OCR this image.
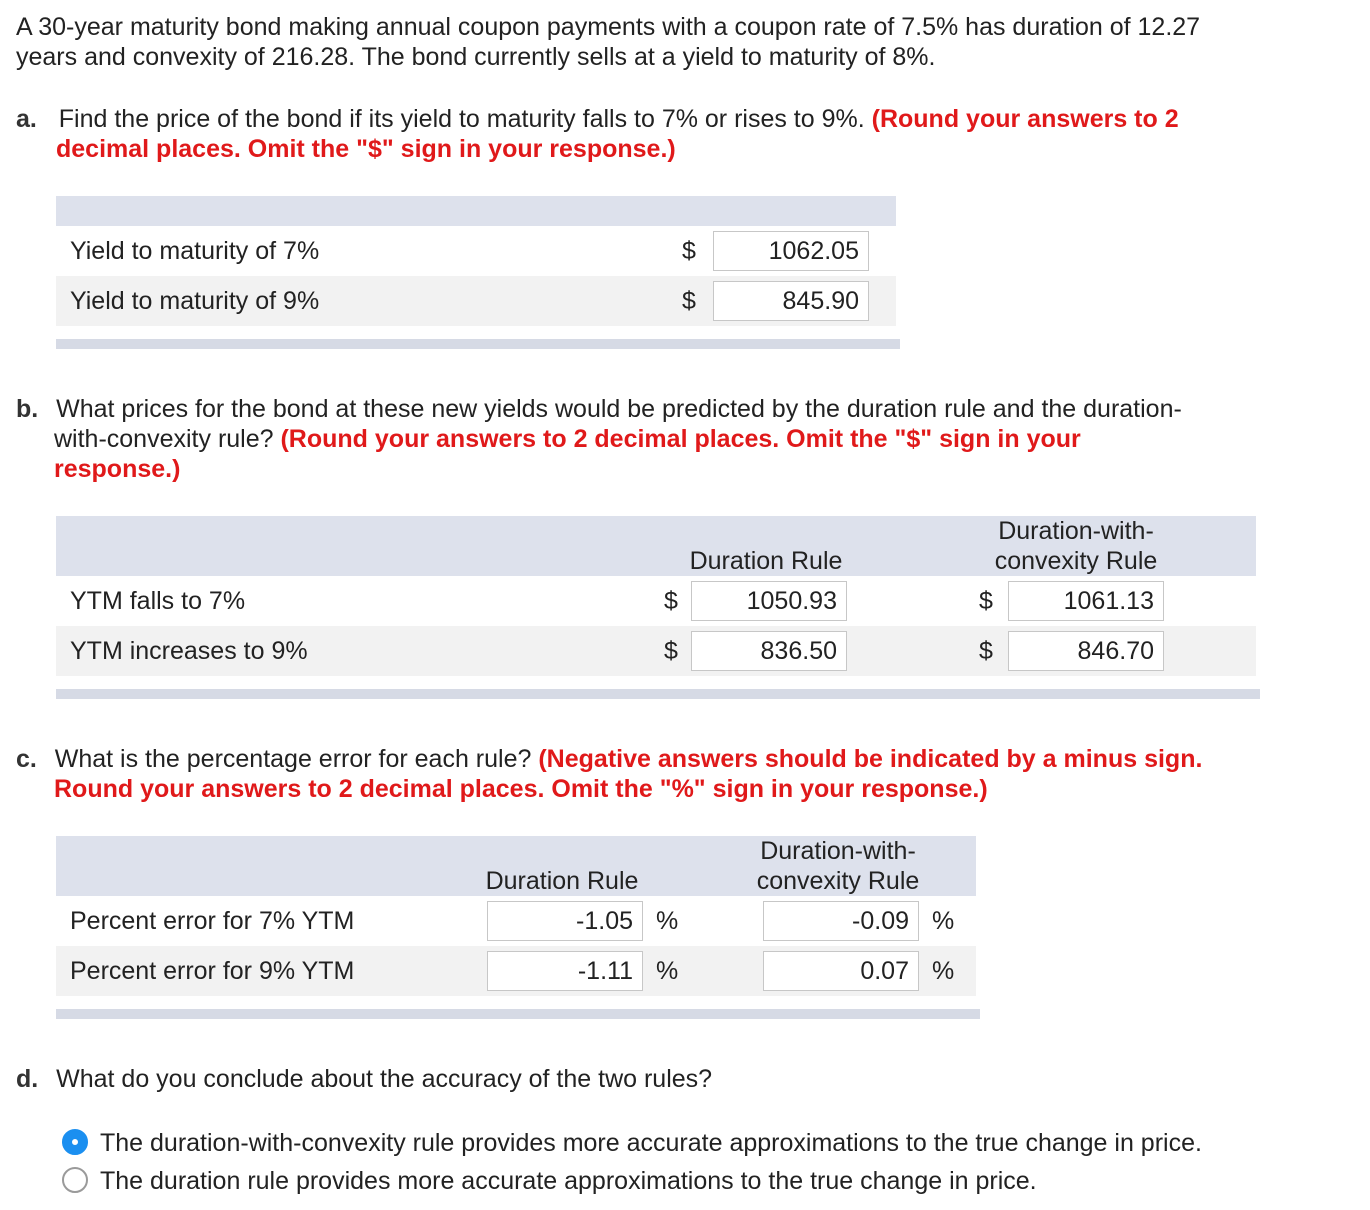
A 30-year maturity bond making annual coupon payments with a coupon rate of 7.5% has duration of 12.27
years and convexity of 216.28. The bond currently sells at a yield to maturity of 8%.
a. Find the price of the bond if its yield to maturity falls to 7% or rises to 9%. (Round your answers to 2
decimal places. Omit the "$" sign in your response.)
Yield to maturity of 7%	$	1062.05
Yield to maturity of 9%	$	845.90
b. What prices for the bond at these new yields would be predicted by the duration rule and the duration-
with-convexity rule? (Round your answers to 2 decimal places. Omit the "$" sign in your
response.)
Duration Rule
Duration-with-
convexity Rule
YTM falls to 7%	$	1050.93	$	1061.13
YTM increases to 9%	$	836.50	$	846.70
c. What is the percentage error for each rule? (Negative answers should be indicated by a minus sign.
Round your answers to 2 decimal places. Omit the "%" sign in your response.)
Duration Rule
Duration-with-
convexity Rule
Percent error for 7% YTM	-1.05 %	-0.09 %
Percent error for 9% YTM	-1.11 %	0.07 %
d. What do you conclude about the accuracy of the two rules?
The duration-with-convexity rule provides more accurate approximations to the true change in price.
The duration rule provides more accurate approximations to the true change in price.
